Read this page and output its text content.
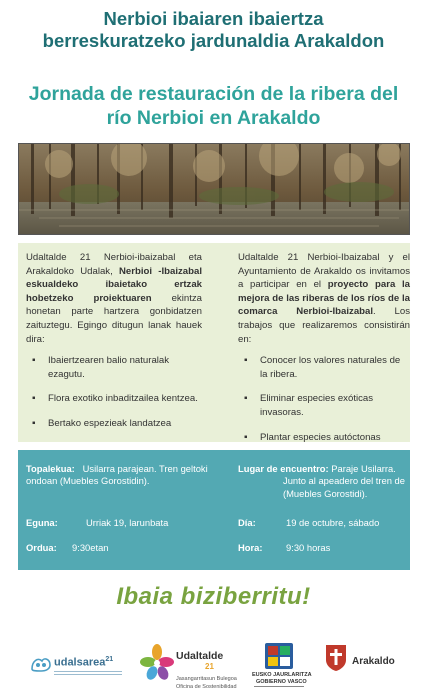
Nerbioi ibaiaren ibaiertza
berreskuratzeko jardunaldia Arakaldon
Jornada de restauración de la ribera del
río Nerbioi en Arakaldo

Udaltalde 21 Nerbioi-ibaizabal eta Arakaldoko Udalak, Nerbioi -Ibaizabal eskualdeko ibaietako ertzak hobetzeko proiektuaren ekintza honetan parte hartzera gonbidatzen zaituztegu. Egingo ditugun lanak hauek dira:

▪ Ibaiertzearen balio naturalak ezagutu.
▪ Flora exotiko inbaditzailea kentzea.
▪ Bertako espezieak landatzea

Udaltalde 21 Nerbioi-Ibaizabal y el Ayuntamiento de Arakaldo os invitamos a participar en el proyecto para la mejora de las riberas de los ríos de la comarca Nerbioi-Ibaizabal. Los trabajos que realizaremos consistirán en:

▪ Conocer los valores naturales de la ribera.
▪ Eliminar especies exóticas invasoras.
▪ Plantar especies autóctonas
Topalekua: Usilarra parajean. Tren geltoki ondoan (Muebles Gorostidin).
Eguna:	Urriak 19, larunbata
Ordua: 9:30etan
Lugar de encuentro: Paraje Usilarra.
Junto al apeadero del tren de (Muebles Gorostidi).
Día:	19 de octubre, sábado
Hora:	9:30 horas
Ibaia biziberritu!
udalsarea$^{21}$	Udaltalde
21
Jasangarritasun Bulegoa
Oficina de Sostenibilidad
EUSKO JAURLARITZA
GOBIERNO VASCO
Arakaldo
